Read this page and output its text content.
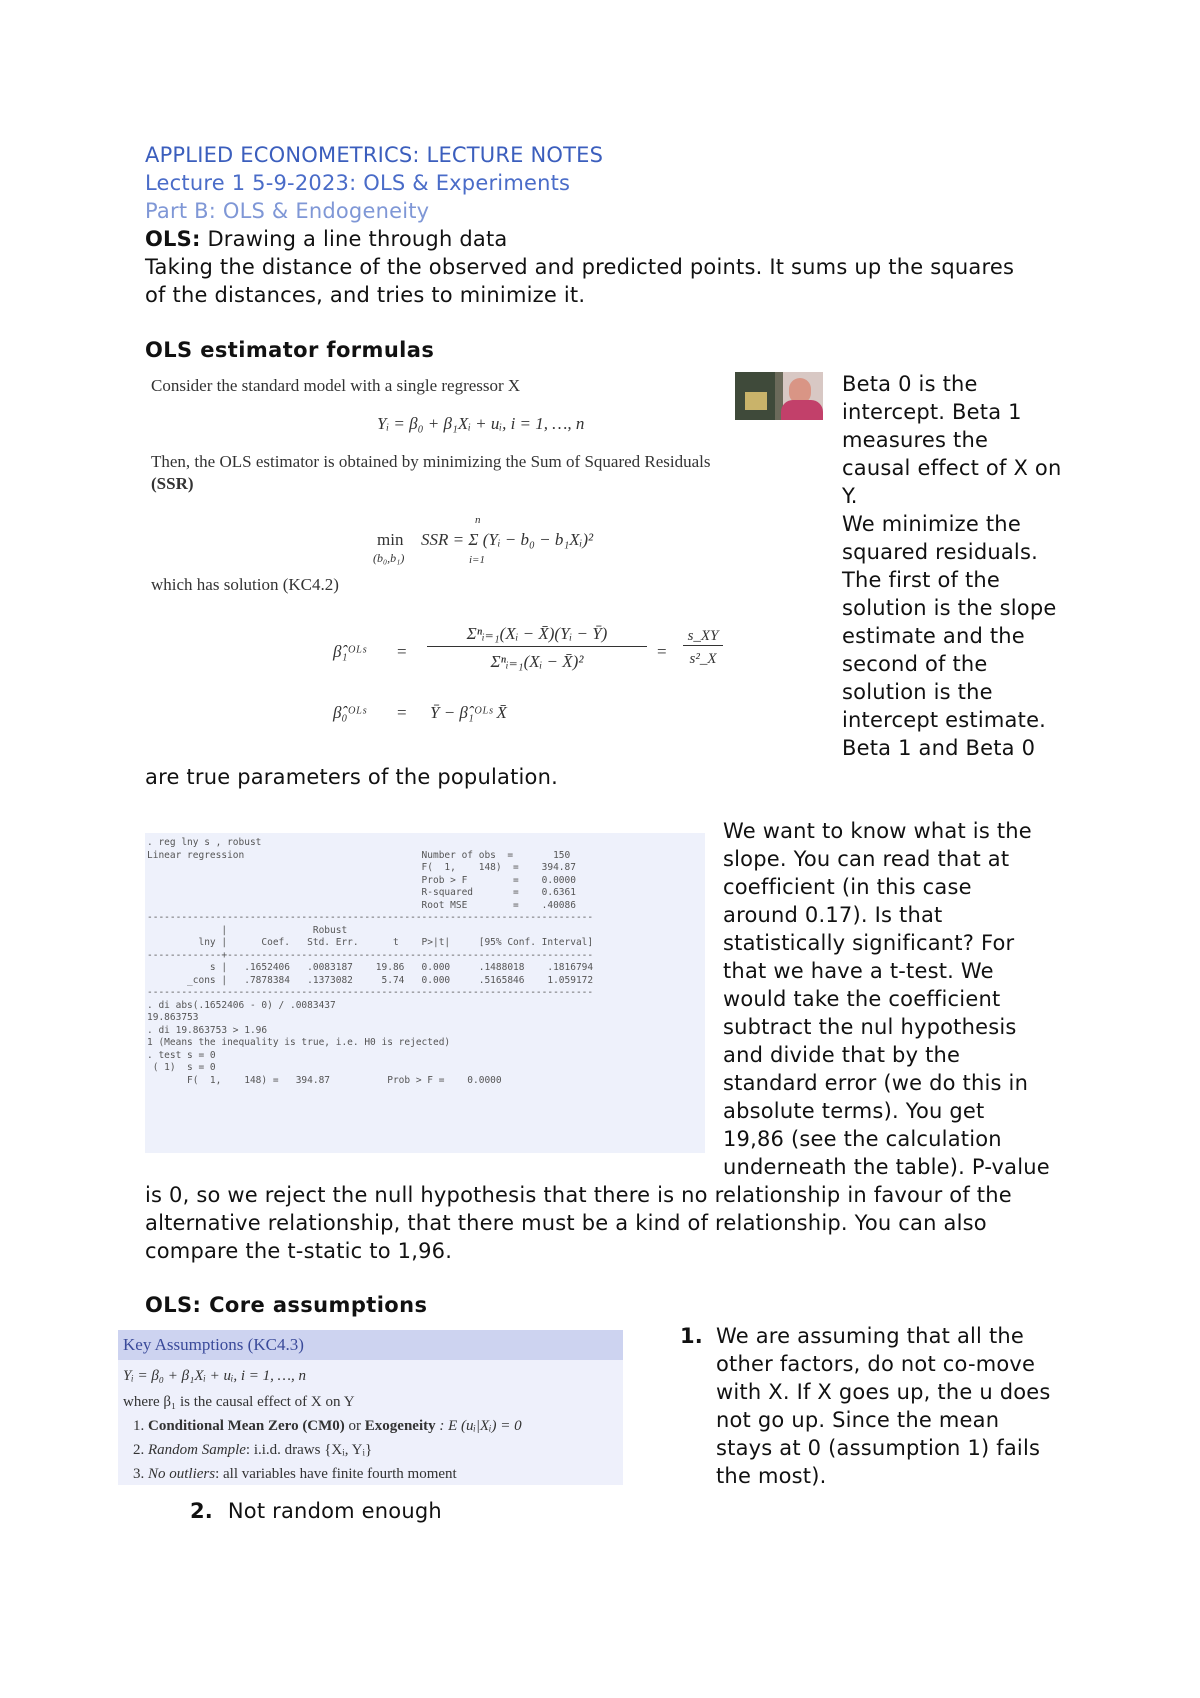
APPLIED ECONOMETRICS: LECTURE NOTES

Lecture 1 5-9-2023: OLS & Experiments

Part B: OLS & Endogeneity

OLS: Drawing a line through data

Taking the distance of the observed and predicted points. It sums up the squares

of the distances, and tries to minimize it.

OLS estimator formulas
Consider the standard model with a single regressor X
Yᵢ = β₀ + β₁Xᵢ + uᵢ, i = 1, …, n
Then, the OLS estimator is obtained by minimizing the Sum of Squared Residuals
(SSR)
min
(b₀,b₁)
n
SSR = Σ (Yᵢ − b₀ − b₁Xᵢ)²
i=1
which has solution (KC4.2)
β̂₁ᴼᴸˢ =
Σⁿᵢ₌₁(Xᵢ − X̄)(Yᵢ − Ȳ)
Σⁿᵢ₌₁(Xᵢ − X̄)²
=
s_XY
s²_X
β̂₀ᴼᴸˢ = Ȳ − β̂₁ᴼᴸˢ X̄

Beta 0 is the

intercept. Beta 1

measures the

causal effect of X on

Y.

We minimize the

squared residuals.

The first of the

solution is the slope

estimate and the

second of the

solution is the

intercept estimate.

Beta 1 and Beta 0

are true parameters of the population.
. reg lny s , robust
Linear regression                               Number of obs  =       150
F(  1,    148)  =    394.87
Prob > F        =    0.0000
R-squared       =    0.6361
Root MSE        =    .40086
------------------------------------------------------------------------------
|               Robust
lny |      Coef.   Std. Err.      t    P>|t|     [95% Conf. Interval]
-------------+----------------------------------------------------------------
s |   .1652406   .0083187    19.86   0.000     .1488018    .1816794
_cons |   .7878384   .1373082     5.74   0.000     .5165846    1.059172
------------------------------------------------------------------------------
. di abs(.1652406 - 0) / .0083437
19.863753
. di 19.863753 > 1.96
1 (Means the inequality is true, i.e. H0 is rejected)
. test s = 0
( 1)  s = 0
F(  1,    148) =   394.87          Prob > F =    0.0000

We want to know what is the

slope. You can read that at

coefficient (in this case

around 0.17). Is that

statistically significant? For

that we have a t-test. We

would take the coefficient

subtract the nul hypothesis

and divide that by the

standard error (we do this in

absolute terms). You get

19,86 (see the calculation

underneath the table). P-value

is 0, so we reject the null hypothesis that there is no relationship in favour of the

alternative relationship, that there must be a kind of relationship. You can also

compare the t-static to 1,96.

OLS: Core assumptions
Key Assumptions (KC4.3)
Yᵢ = β₀ + β₁Xᵢ + uᵢ, i = 1, …, n
where β₁ is the causal effect of X on Y
1. Conditional Mean Zero (CM0) or Exogeneity : E (uᵢ|Xᵢ) = 0
2. Random Sample: i.i.d. draws {Xᵢ, Yᵢ}
3. No outliers: all variables have finite fourth moment
2. Not random enough
1. We are assuming that all the

other factors, do not co-move

with X. If X goes up, the u does

not go up. Since the mean

stays at 0 (assumption 1) fails

the most).
